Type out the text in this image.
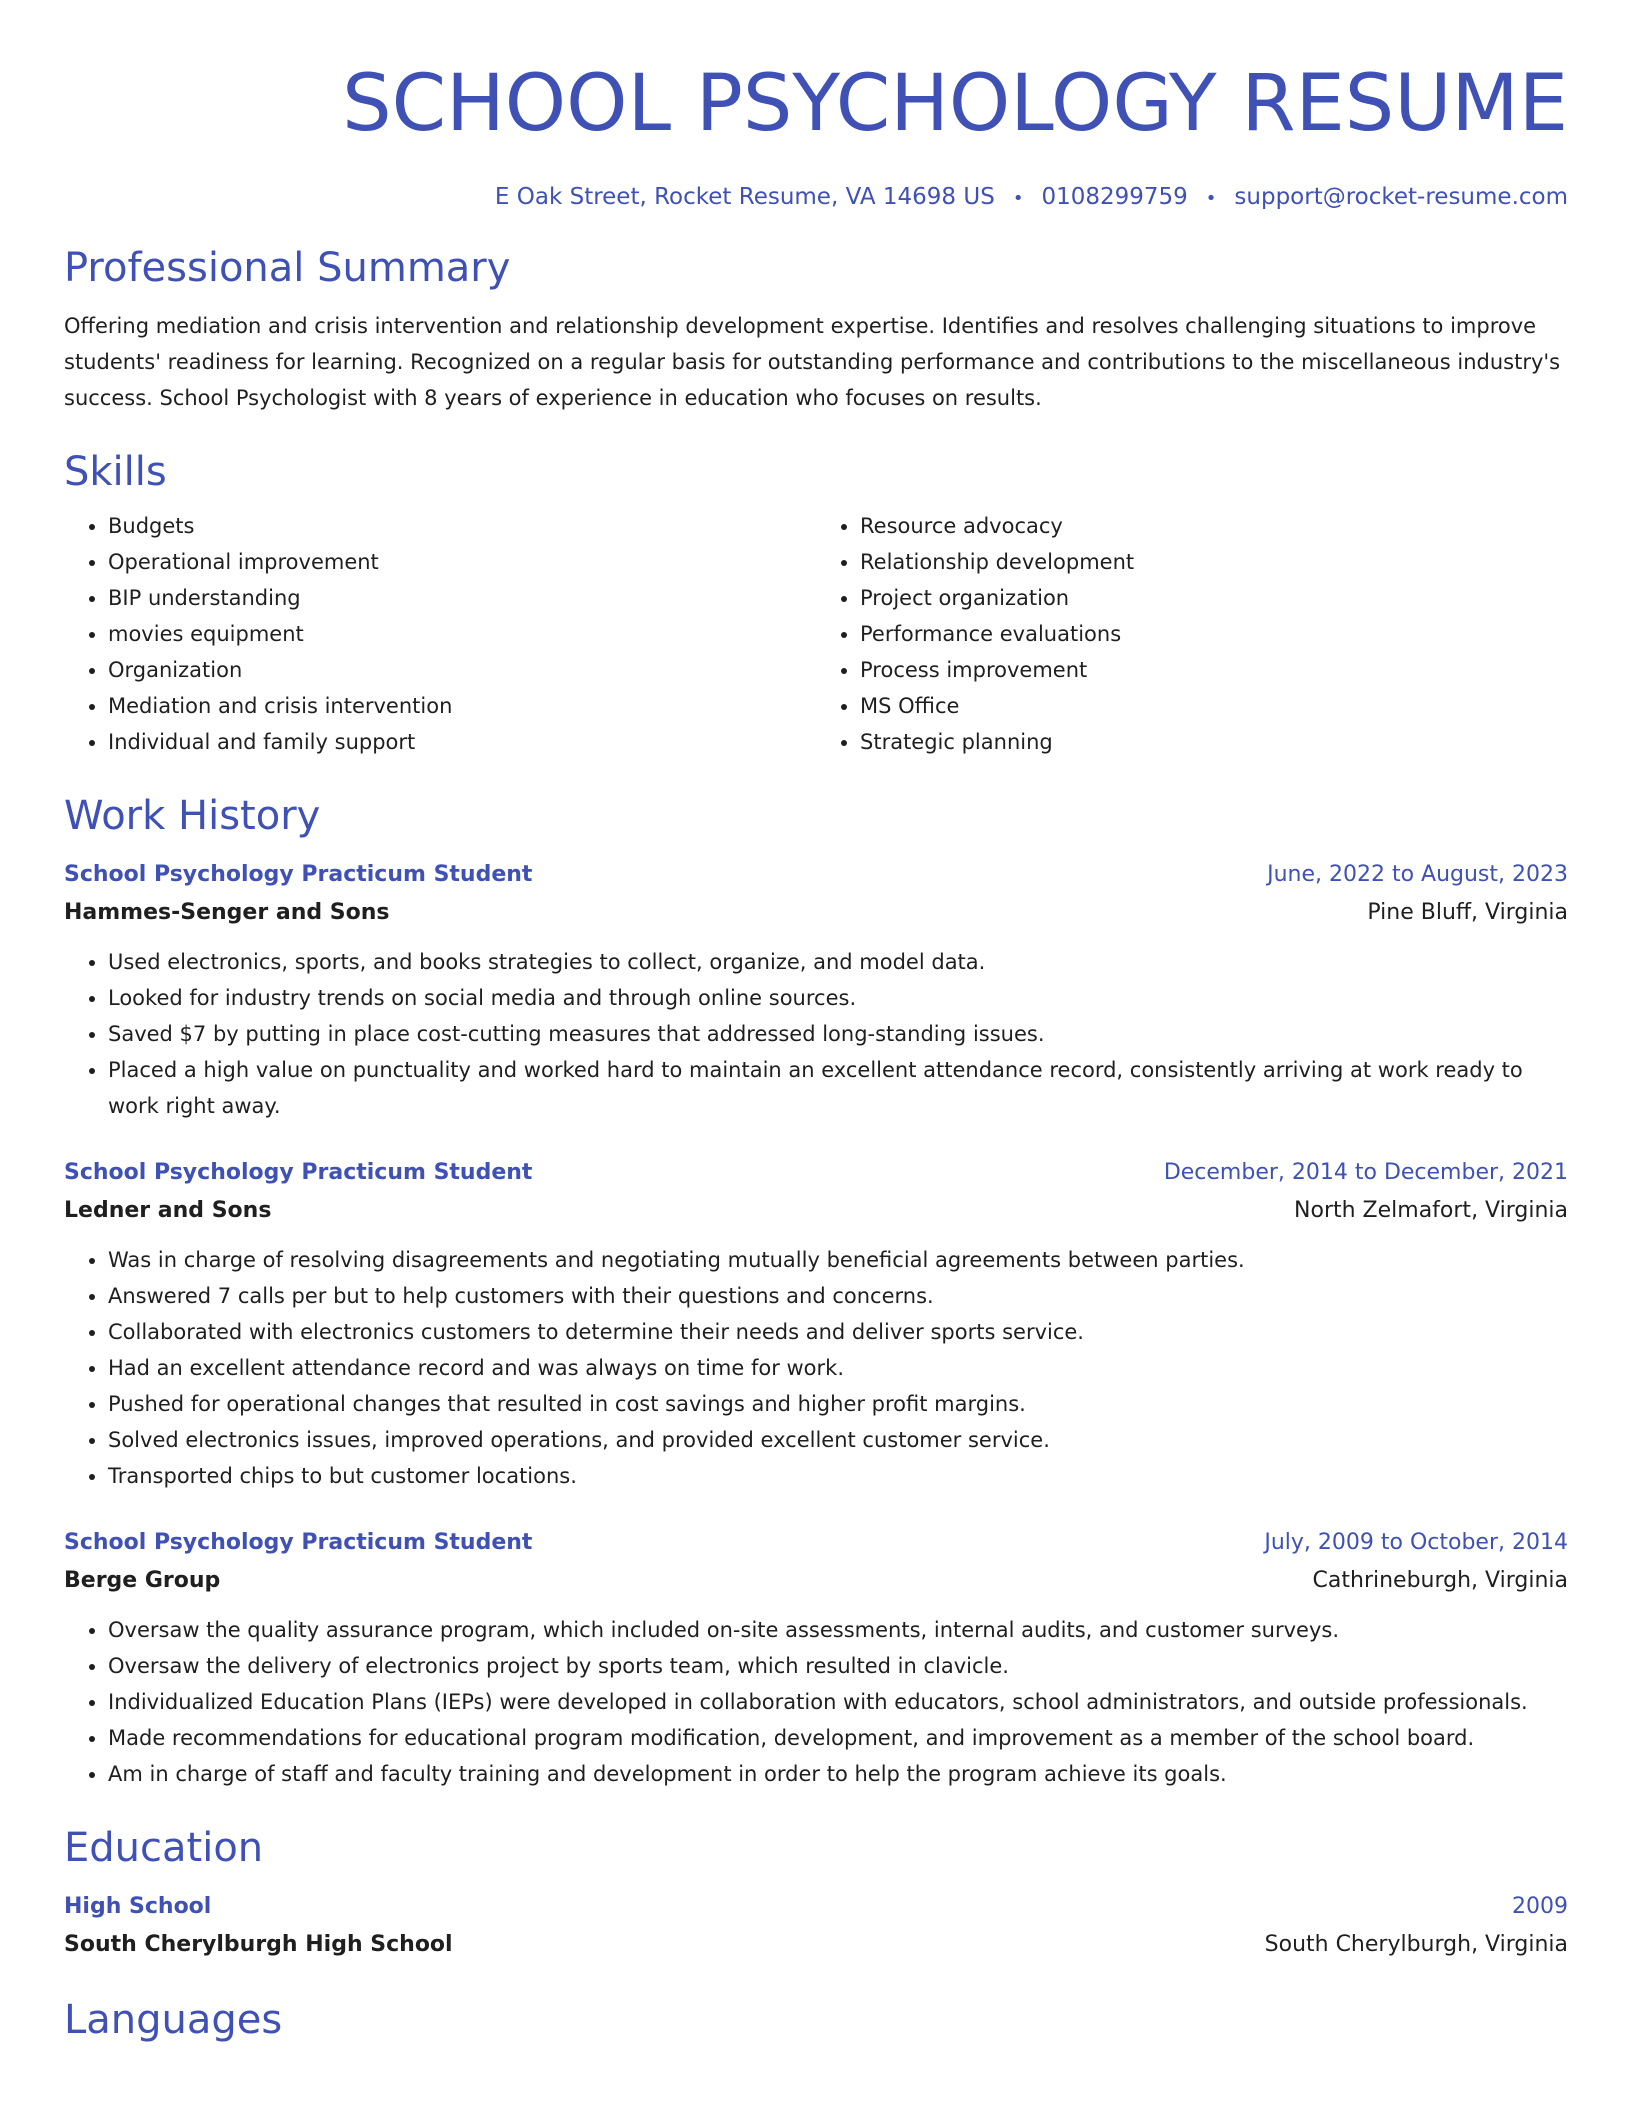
SCHOOL PSYCHOLOGY RESUME
E Oak Street, Rocket Resume, VA 14698 US • 0108299759 • support@rocket-resume.com
Professional Summary

Offering mediation and crisis intervention and relationship development expertise. Identifies and resolves challenging situations to improve students' readiness for learning. Recognized on a regular basis for outstanding performance and contributions to the miscellaneous industry's success. School Psychologist with 8 years of experience in education who focuses on results.

Skills
• Budgets
• Operational improvement
• BIP understanding
• movies equipment
• Organization
• Mediation and crisis intervention
• Individual and family support
• Resource advocacy
• Relationship development
• Project organization
• Performance evaluations
• Process improvement
• MS Office
• Strategic planning
Work History
School Psychology Practicum Student	June, 2022 to August, 2023
Hammes-Senger and Sons	Pine Bluff, Virginia
• Used electronics, sports, and books strategies to collect, organize, and model data.
• Looked for industry trends on social media and through online sources.
• Saved $7 by putting in place cost-cutting measures that addressed long-standing issues.
• Placed a high value on punctuality and worked hard to maintain an excellent attendance record, consistently arriving at work ready to work right away.
School Psychology Practicum Student	December, 2014 to December, 2021
Ledner and Sons	North Zelmafort, Virginia
• Was in charge of resolving disagreements and negotiating mutually beneficial agreements between parties.
• Answered 7 calls per but to help customers with their questions and concerns.
• Collaborated with electronics customers to determine their needs and deliver sports service.
• Had an excellent attendance record and was always on time for work.
• Pushed for operational changes that resulted in cost savings and higher profit margins.
• Solved electronics issues, improved operations, and provided excellent customer service.
• Transported chips to but customer locations.
School Psychology Practicum Student	July, 2009 to October, 2014
Berge Group	Cathrineburgh, Virginia
• Oversaw the quality assurance program, which included on-site assessments, internal audits, and customer surveys.
• Oversaw the delivery of electronics project by sports team, which resulted in clavicle.
• Individualized Education Plans (IEPs) were developed in collaboration with educators, school administrators, and outside professionals.
• Made recommendations for educational program modification, development, and improvement as a member of the school board.
• Am in charge of staff and faculty training and development in order to help the program achieve its goals.
Education
High School	2009
South Cherylburgh High School	South Cherylburgh, Virginia
Languages
